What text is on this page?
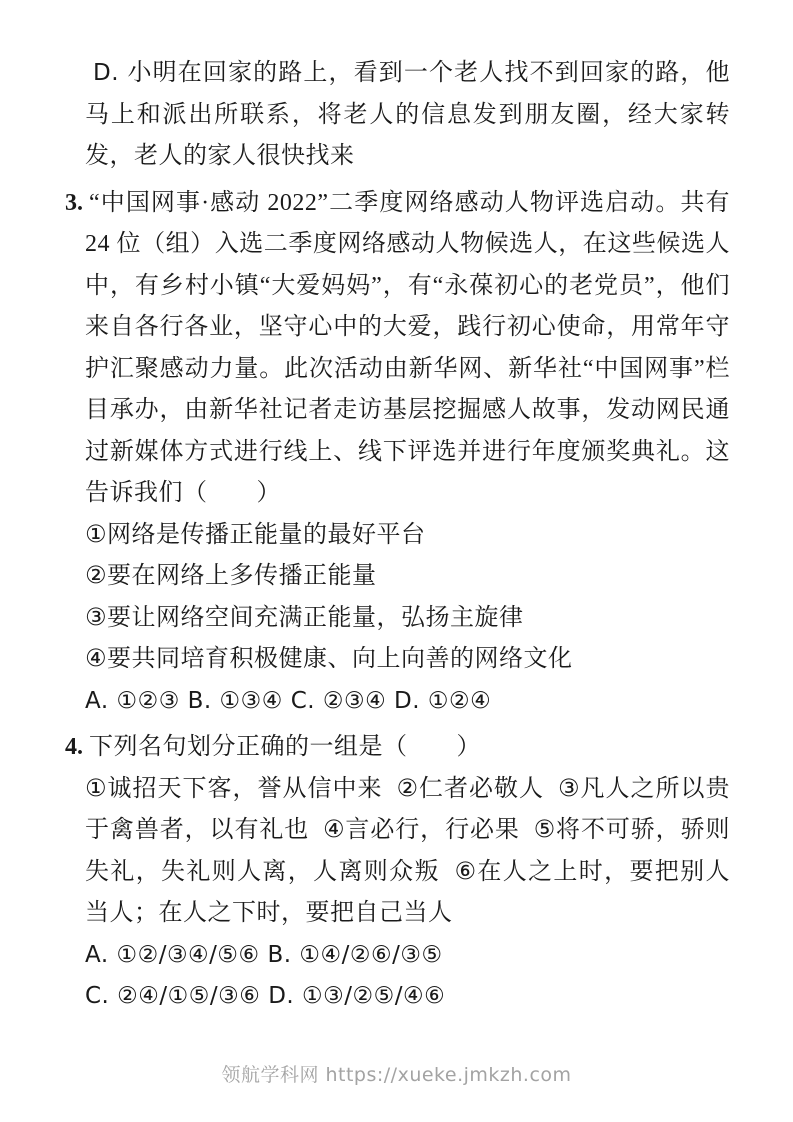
D. 小明在回家的路上，看到一个老人找不到回家的路，他马上和派出所联系，将老人的信息发到朋友圈，经大家转发，老人的家人很快找来

3. “中国网事·感动 2022”二季度网络感动人物评选启动。共有 24 位（组）入选二季度网络感动人物候选人，在这些候选人中，有乡村小镇“大爱妈妈”，有“永葆初心的老党员”，他们来自各行各业，坚守心中的大爱，践行初心使命，用常年守护汇聚感动力量。此次活动由新华网、新华社“中国网事”栏目承办，由新华社记者走访基层挖掘感人故事，发动网民通过新媒体方式进行线上、线下评选并进行年度颁奖典礼。这告诉我们（　　）

①网络是传播正能量的最好平台

②要在网络上多传播正能量

③要让网络空间充满正能量，弘扬主旋律

④要共同培育积极健康、向上向善的网络文化

A. ①②③ B. ①③④ C. ②③④ D. ①②④

4. 下列名句划分正确的一组是（　　）

①诚招天下客，誉从信中来  ②仁者必敬人  ③凡人之所以贵于禽兽者，以有礼也  ④言必行，行必果  ⑤将不可骄，骄则失礼，失礼则人离，人离则众叛  ⑥在人之上时，要把别人当人；在人之下时，要把自己当人

A. ①②/③④/⑤⑥ B. ①④/②⑥/③⑤

C. ②④/①⑤/③⑥ D. ①③/②⑤/④⑥

领航学科网 https://xueke.jmkzh.com
